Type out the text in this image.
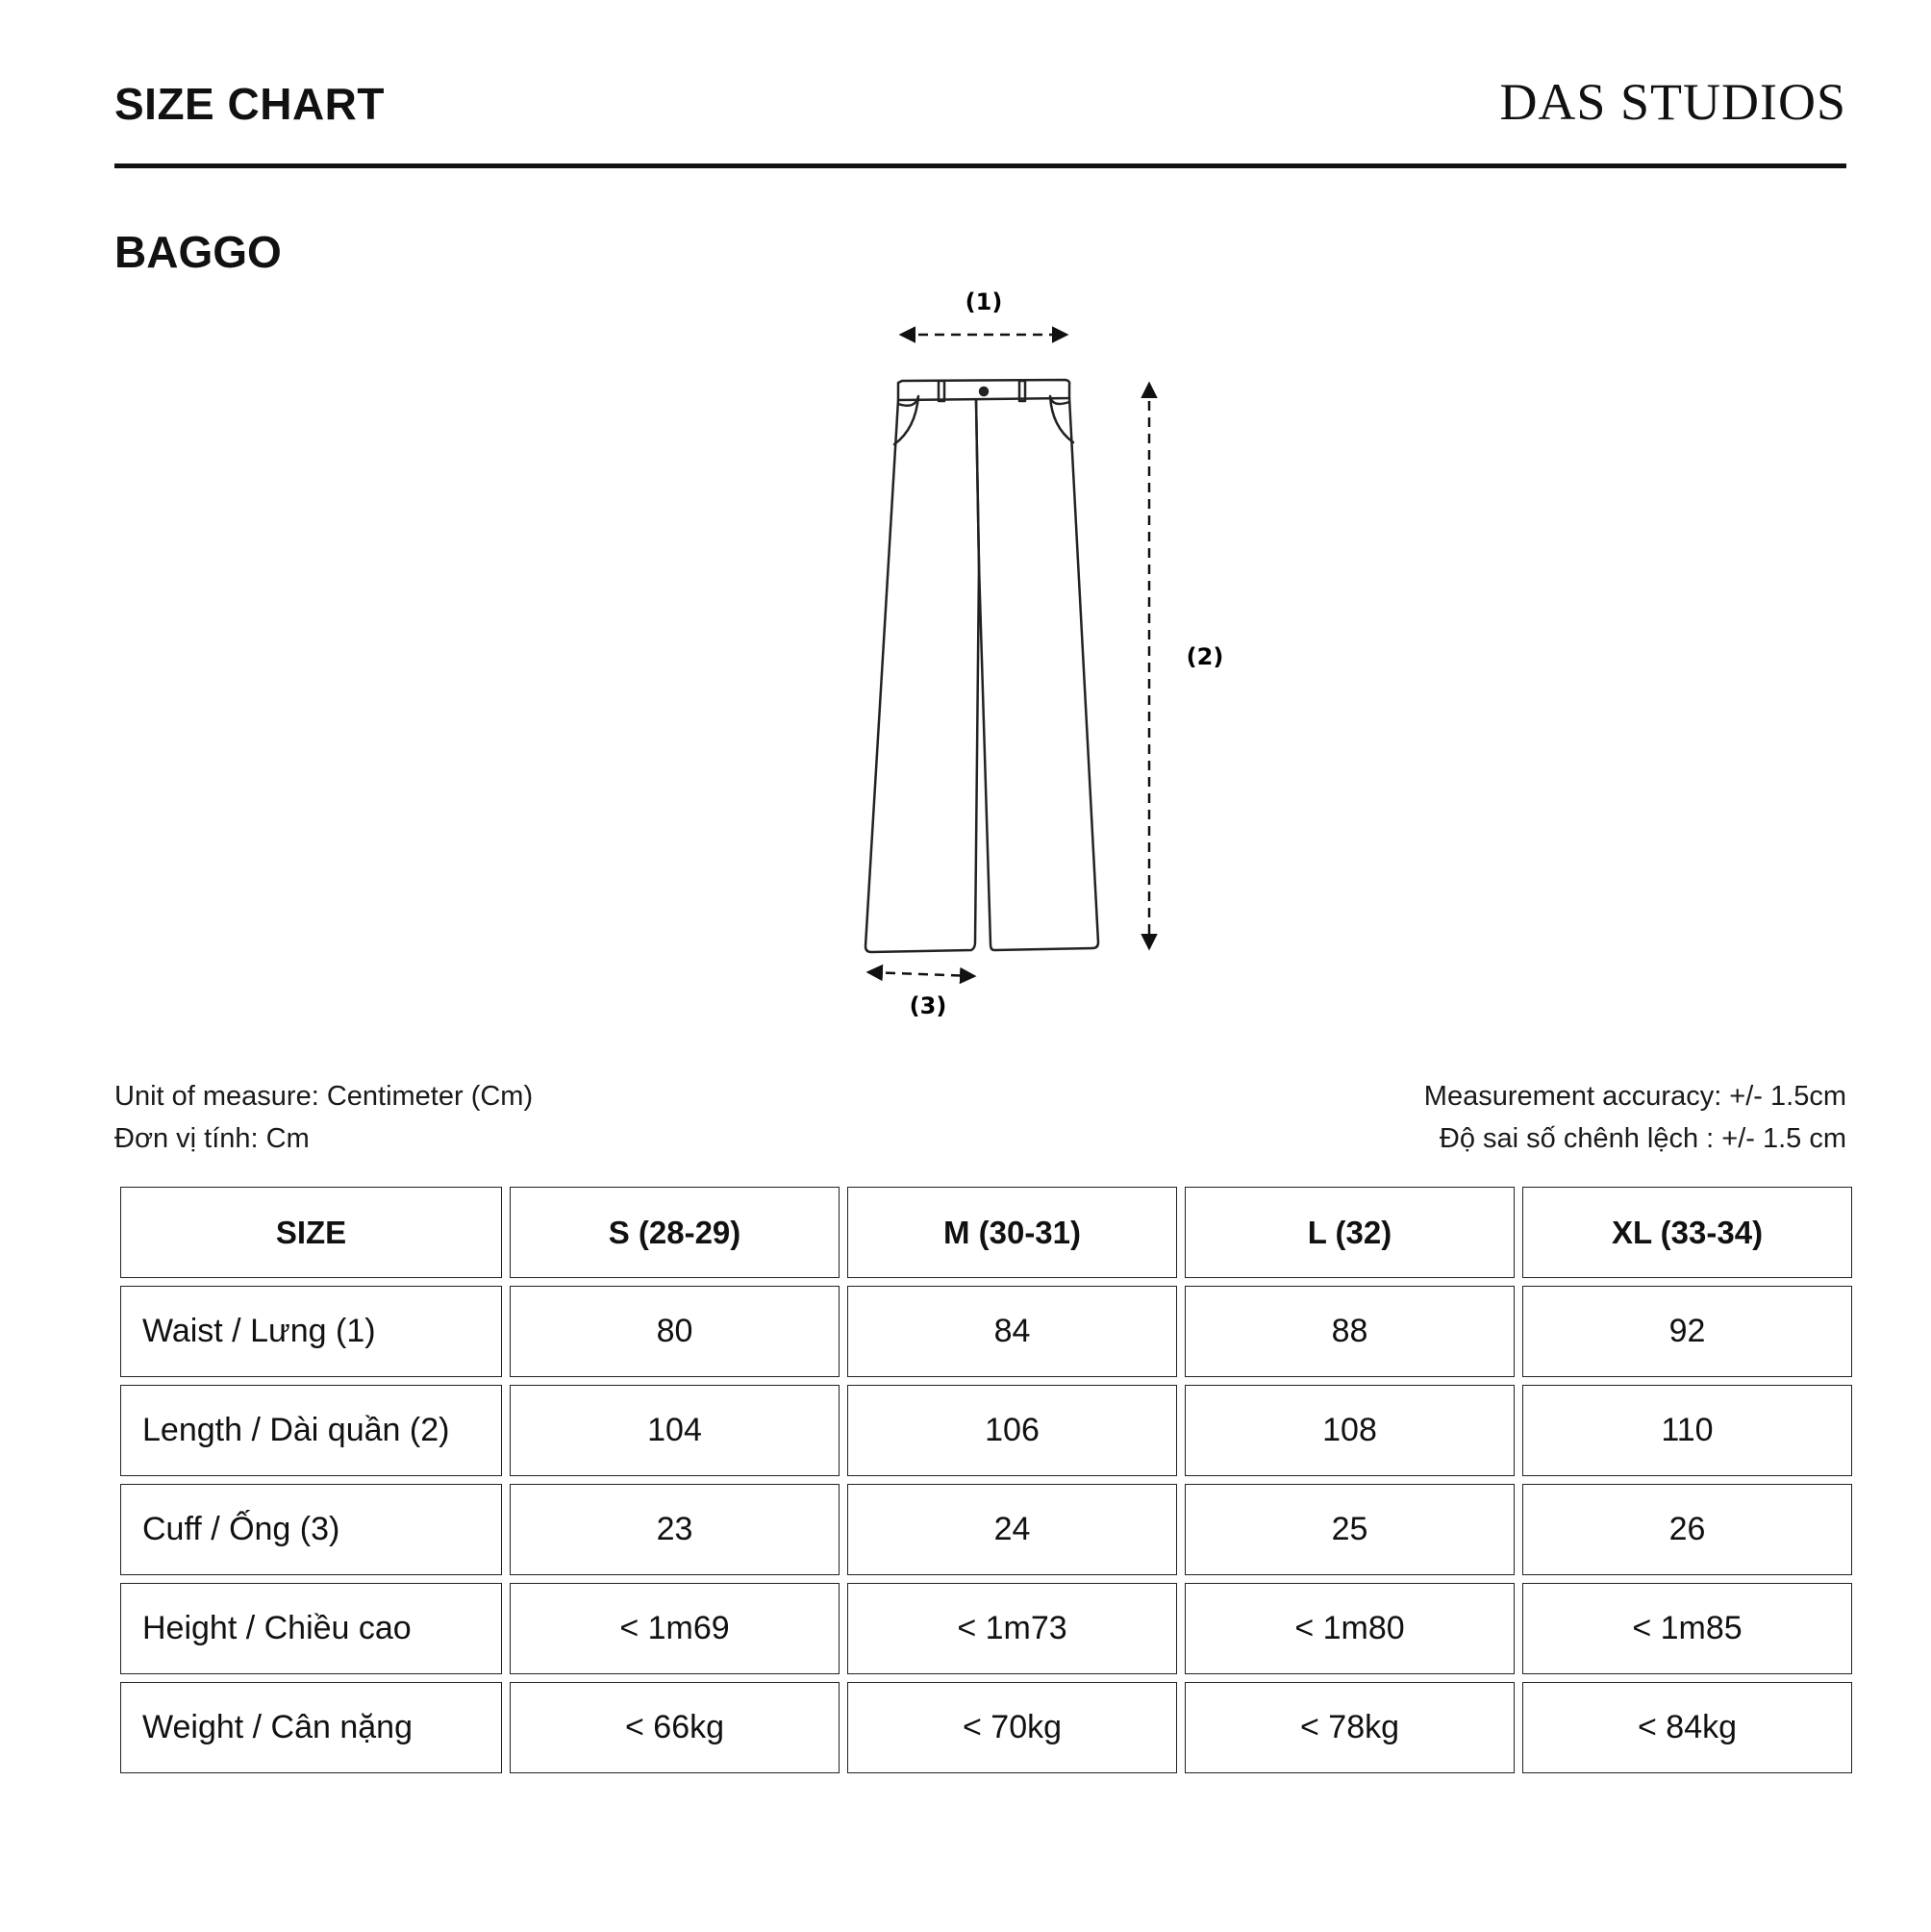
SIZE CHART	DAS STUDIOS
BAGGO
(1)
(2)
(3)
Unit of measure: Centimeter (Cm)
Đơn vị tính: Cm
Measurement accuracy: +/- 1.5cm
Độ sai số chênh lệch : +/- 1.5 cm
SIZE	S (28-29)	M (30-31)	L (32)	XL (33-34)
Waist / Lưng (1)	80	84	88	92
Length / Dài quần (2)	104	106	108	110
Cuff / Ống (3)	23	24	25	26
Height / Chiều cao	< 1m69	< 1m73	< 1m80	< 1m85
Weight / Cân nặng	< 66kg	< 70kg	< 78kg	< 84kg
